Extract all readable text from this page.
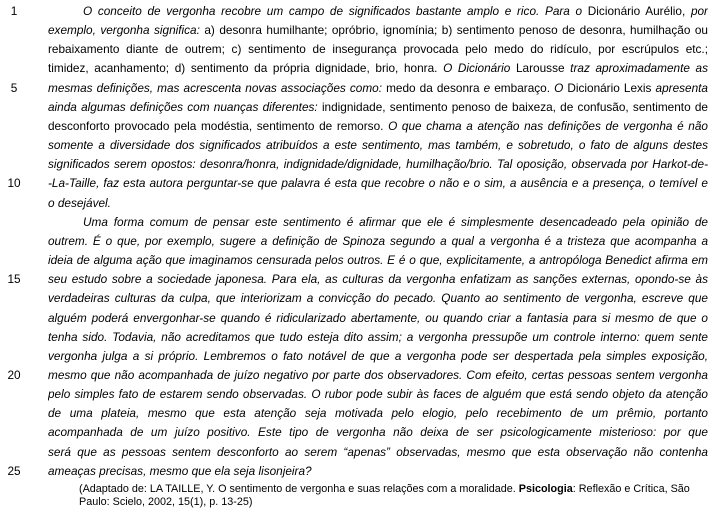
1
5
10
15
20
25
O conceito de vergonha recobre um campo de significados bastante amplo e rico. Para o Dicionário Aurélio, por
exemplo, vergonha significa: a) desonra humilhante; opróbrio, ignomínia; b) sentimento penoso de desonra, humilhação ou
rebaixamento diante de outrem; c) sentimento de insegurança provocada pelo medo do ridículo, por escrúpulos etc.;
timidez, acanhamento; d) sentimento da própria dignidade, brio, honra. O Dicionário Larousse traz aproximadamente as
mesmas definições, mas acrescenta novas associações como: medo da desonra e embaraço. O Dicionário Lexis apresenta
ainda algumas definições com nuanças diferentes: indignidade, sentimento penoso de baixeza, de confusão, sentimento de
desconforto provocado pela modéstia, sentimento de remorso. O que chama a atenção nas definições de vergonha é não
somente a diversidade dos significados atribuídos a este sentimento, mas também, e sobretudo, o fato de alguns destes
significados serem opostos: desonra/honra, indignidade/dignidade, humilhação/brio. Tal oposição, observada por Harkot-de-
-La-Taille, faz esta autora perguntar-se que palavra é esta que recobre o não e o sim, a ausência e a presença, o temível e
o desejável.
Uma forma comum de pensar este sentimento é afirmar que ele é simplesmente desencadeado pela opinião de
outrem. É o que, por exemplo, sugere a definição de Spinoza segundo a qual a vergonha é a tristeza que acompanha a
ideia de alguma ação que imaginamos censurada pelos outros. E é o que, explicitamente, a antropóloga Benedict afirma em
seu estudo sobre a sociedade japonesa. Para ela, as culturas da vergonha enfatizam as sanções externas, opondo-se às
verdadeiras culturas da culpa, que interiorizam a convicção do pecado. Quanto ao sentimento de vergonha, escreve que
alguém poderá envergonhar-se quando é ridicularizado abertamente, ou quando criar a fantasia para si mesmo de que o
tenha sido. Todavia, não acreditamos que tudo esteja dito assim; a vergonha pressupõe um controle interno: quem sente
vergonha julga a si próprio. Lembremos o fato notável de que a vergonha pode ser despertada pela simples exposição,
mesmo que não acompanhada de juízo negativo por parte dos observadores. Com efeito, certas pessoas sentem vergonha
pelo simples fato de estarem sendo observadas. O rubor pode subir às faces de alguém que está sendo objeto da atenção
de uma plateia, mesmo que esta atenção seja motivada pelo elogio, pelo recebimento de um prêmio, portanto
acompanhada de um juízo positivo. Este tipo de vergonha não deixa de ser psicologicamente misterioso: por que
será que as pessoas sentem desconforto ao serem “apenas” observadas, mesmo que esta observação não contenha
ameaças precisas, mesmo que ela seja lisonjeira?
(Adaptado de: LA TAILLE, Y. O sentimento de vergonha e suas relações com a moralidade. Psicologia: Reflexão e Crítica, São
Paulo: Scielo, 2002, 15(1), p. 13-25)
